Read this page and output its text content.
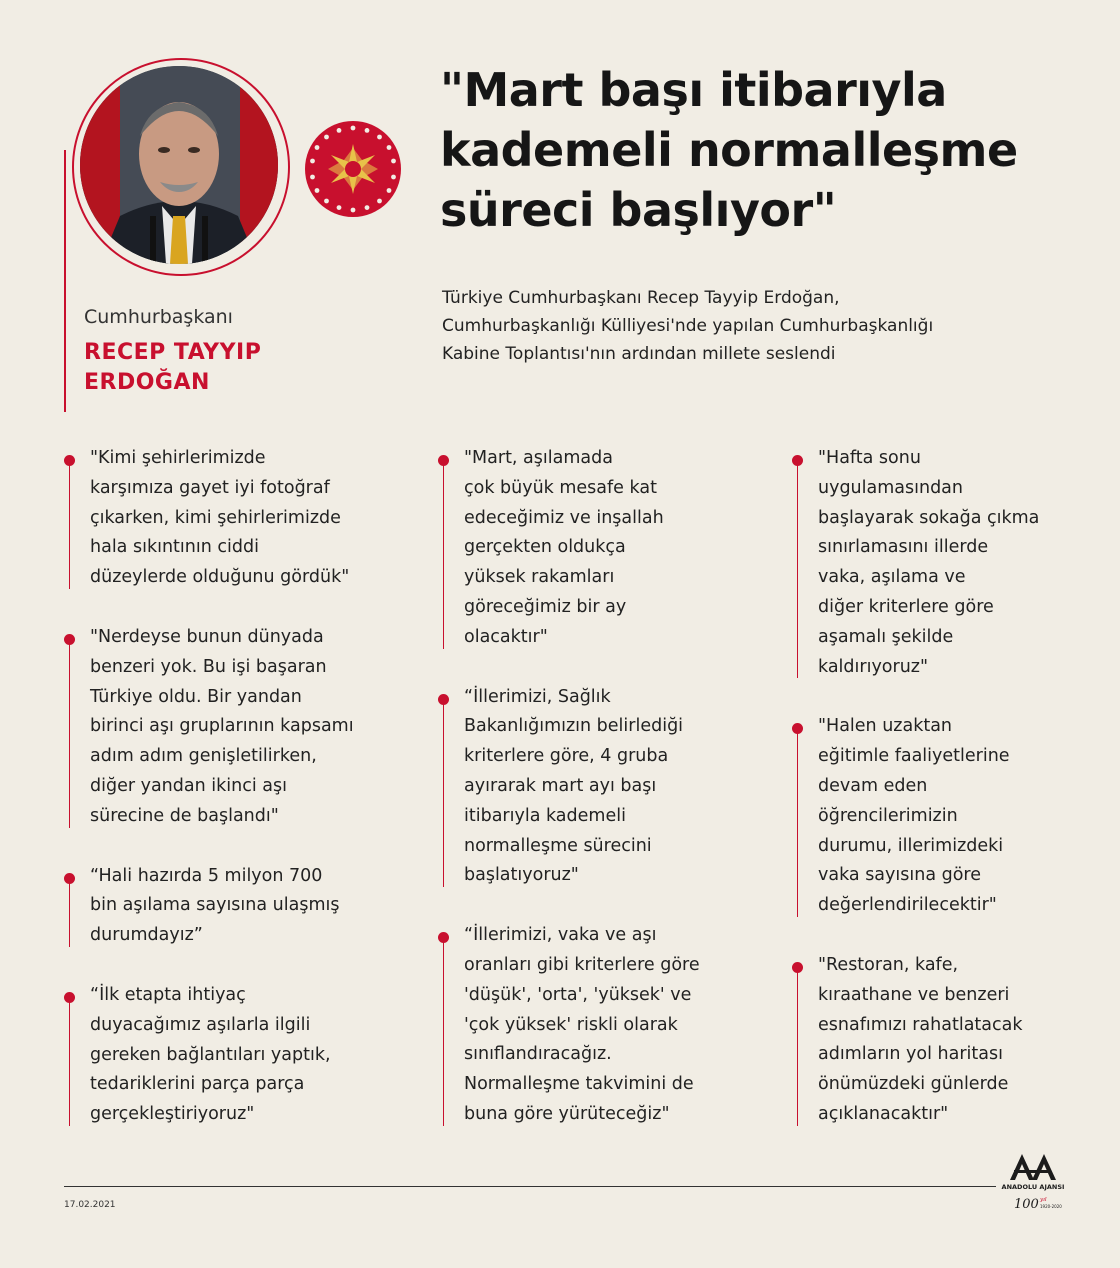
Cumhurbaşkanı
RECEP TAYYIP
ERDOĞAN
"Mart başı itibarıyla kademeli normalleşme süreci başlıyor"
Türkiye Cumhurbaşkanı Recep Tayyip Erdoğan, Cumhurbaşkanlığı Külliyesi'nde yapılan Cumhurbaşkanlığı Kabine Toplantısı'nın ardından millete seslendi

"Kimi şehirlerimizde
karşımıza gayet iyi fotoğraf
çıkarken, kimi şehirlerimizde
hala sıkıntının ciddi
düzeylerde olduğunu gördük"

"Nerdeyse bunun dünyada
benzeri yok. Bu işi başaran
Türkiye oldu. Bir yandan
birinci aşı gruplarının kapsamı
adım adım genişletilirken,
diğer yandan ikinci aşı
sürecine de başlandı"

“Hali hazırda 5 milyon 700
bin aşılama sayısına ulaşmış
durumdayız”

“İlk etapta ihtiyaç
duyacağımız aşılarla ilgili
gereken bağlantıları yaptık,
tedariklerini parça parça
gerçekleştiriyoruz"

"Mart, aşılamada
çok büyük mesafe kat
edeceğimiz ve inşallah
gerçekten oldukça
yüksek rakamları
göreceğimiz bir ay
olacaktır"

“İllerimizi, Sağlık
Bakanlığımızın belirlediği
kriterlere göre, 4 gruba
ayırarak mart ayı başı
itibarıyla kademeli
normalleşme sürecini
başlatıyoruz"

“İllerimizi, vaka ve aşı
oranları gibi kriterlere göre
'düşük', 'orta', 'yüksek' ve
'çok yüksek' riskli olarak
sınıflandıracağız.
Normalleşme takvimini de
buna göre yürüteceğiz"

"Hafta sonu
uygulamasından
başlayarak sokağa çıkma
sınırlamasını illerde
vaka, aşılama ve
diğer kriterlere göre
aşamalı şekilde
kaldırıyoruz"

"Halen uzaktan
eğitimle faaliyetlerine
devam eden
öğrencilerimizin
durumu, illerimizdeki
vaka sayısına göre
değerlendirilecektir"

"Restoran, kafe,
kıraathane ve benzeri
esnafımızı rahatlatacak
adımların yol haritası
önümüzdeki günlerde
açıklanacaktır"

17.02.2021
ANADOLU AJANSI
100 yıl
1920-2020
